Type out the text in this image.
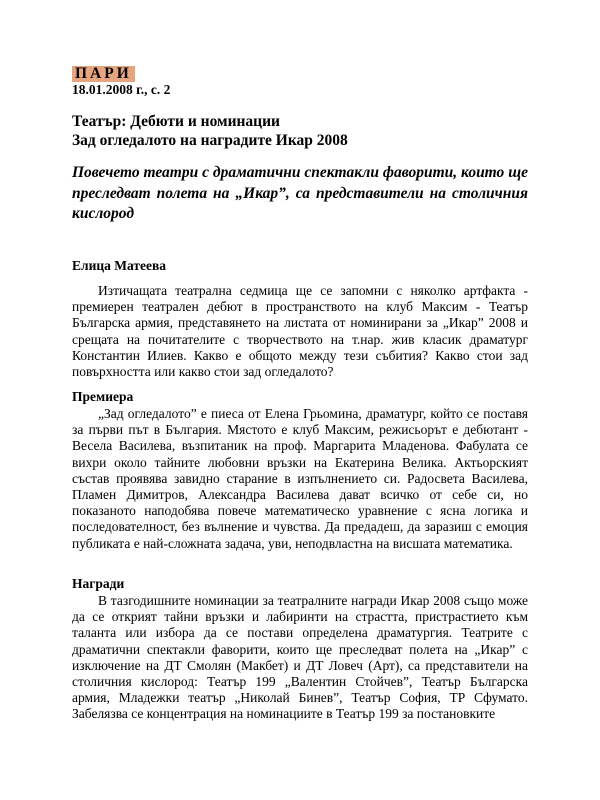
ПАРИ
18.01.2008 г., с. 2
Театър: Дебюти и номинации
Зад огледалото на наградите Икар 2008
Повечето театри с драматични спектакли фаворити, които ще преследват полета на „Икар”, са представители на столичния кислород
Елица Матеева

Изтичащата театрална седмица ще се запомни с няколко артфакта - премиерен театрален дебют в пространството на клуб Максим - Театър Българска армия, представянето на листата от номинирани за „Икар” 2008 и срещата на почитателите с творчеството на т.нар. жив класик драматург Константин Илиев. Какво е общото между тези събития? Какво стои зад повърхността или какво стои зад огледалото?

Премиера

„Зад огледалото” е пиеса от Елена Грьомина, драматург, който се поставя за първи път в България. Мястото е клуб Максим, режисьорът е дебютант - Весела Василева, възпитаник на проф. Маргарита Младенова. Фабулата се вихри около тайните любовни връзки на Екатерина Велика. Актьорският състав проявява завидно старание в изпълнението си. Радосвета Василева, Пламен Димитров, Александра Василева дават всичко от себе си, но показаното наподобява повече математическо уравнение с ясна логика и последователност, без вълнение и чувства. Да предадеш, да заразиш с емоция публиката е най-сложната задача, уви, неподвластна на висшата математика.

Награди

В тазгодишните номинации за театралните награди Икар 2008 също може да се открият тайни връзки и лабиринти на страстта, пристрастието към таланта или избора да се постави определена драматургия. Театрите с драматични спектакли фаворити, които ще преследват полета на „Икар” с изключение на ДТ Смолян (Макбет) и ДТ Ловеч (Арт), са представители на столичния кислород: Театър 199 „Валентин Стойчев”, Театър Българска армия, Младежки театър „Николай Бинев”, Театър София, ТР Сфумато. Забелязва се концентрация на номинациите в Театър 199 за постановките
